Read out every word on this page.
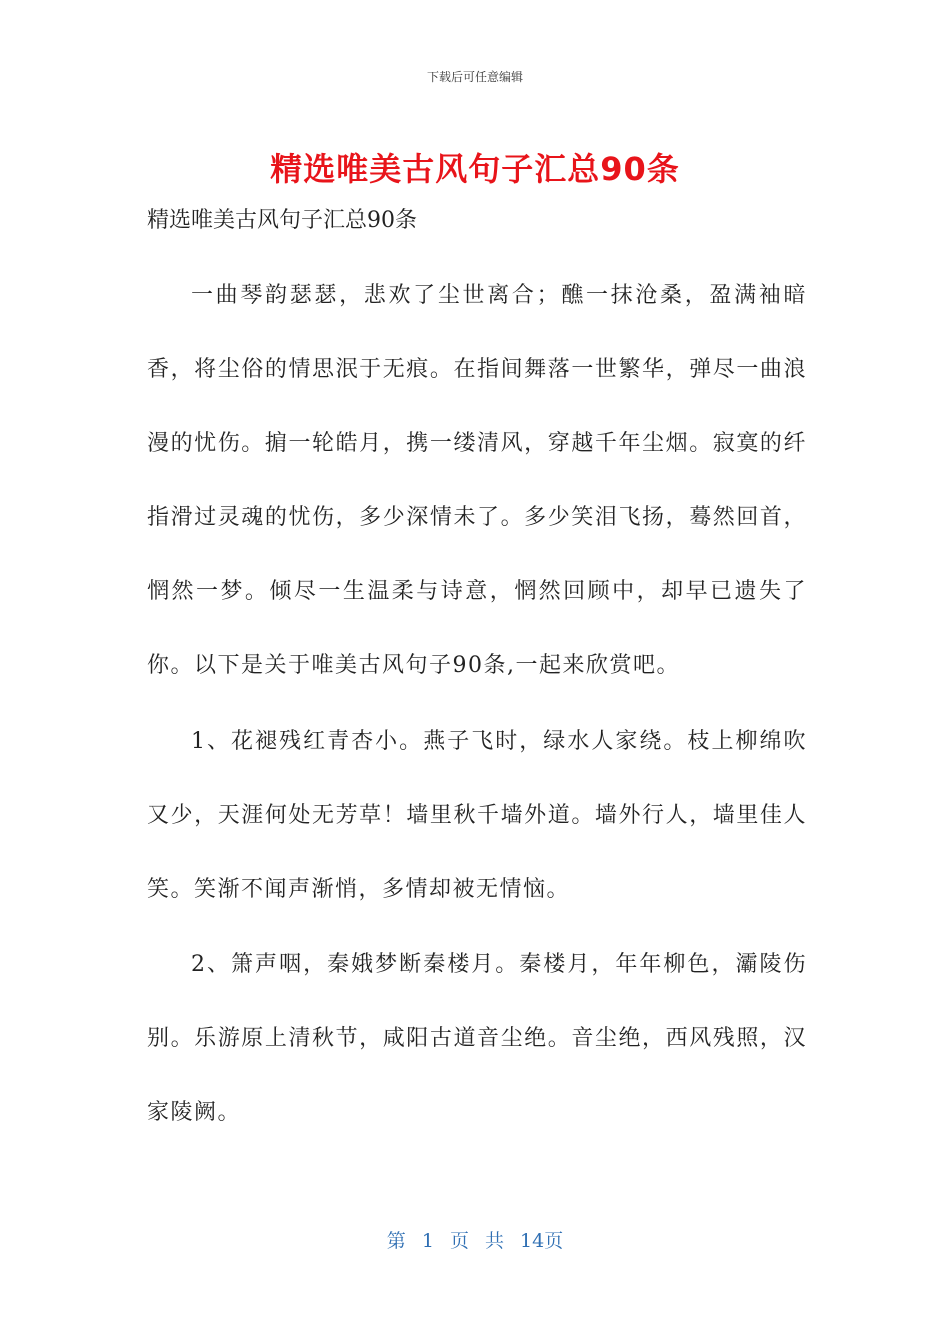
下载后可任意编辑
精选唯美古风句子汇总90条
精选唯美古风句子汇总90条

一曲琴韵瑟瑟，悲欢了尘世离合；醮一抹沧桑，盈满袖暗香，将尘俗的情思泯于无痕。在指间舞落一世繁华，弹尽一曲浪漫的忧伤。掮一轮皓月，携一缕清风，穿越千年尘烟。寂寞的纤指滑过灵魂的忧伤，多少深情未了。多少笑泪飞扬，蓦然回首，惘然一梦。倾尽一生温柔与诗意，惘然回顾中，却早已遗失了你。以下是关于唯美古风句子90条,一起来欣赏吧。

1、花褪残红青杏小。燕子飞时，绿水人家绕。枝上柳绵吹又少，天涯何处无芳草！墙里秋千墙外道。墙外行人，墙里佳人笑。笑渐不闻声渐悄，多情却被无情恼。

2、箫声咽，秦娥梦断秦楼月。秦楼月，年年柳色，灞陵伤别。乐游原上清秋节，咸阳古道音尘绝。音尘绝，西风残照，汉家陵阙。

第 1 页 共 14页
